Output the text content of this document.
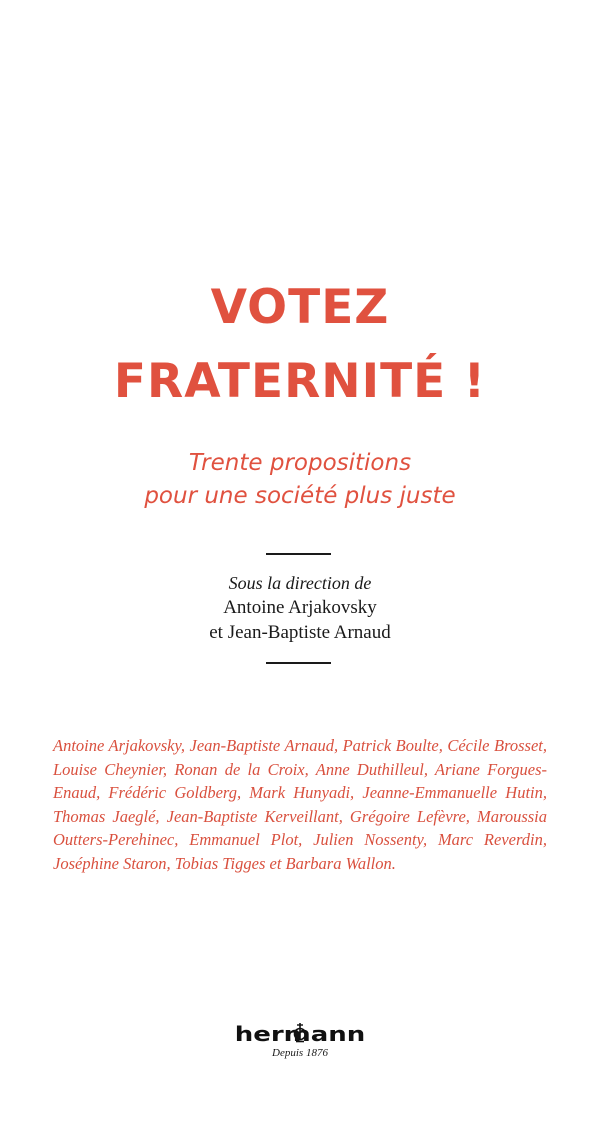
VOTEZ
FRATERNITÉ !
Trente propositions
pour une société plus juste
Sous la direction de
Antoine Arjakovsky
et Jean-Baptiste Arnaud

Antoine Arjakovsky, Jean-Baptiste Arnaud, Patrick Boulte, Cécile Brosset, Louise Cheynier, Ronan de la Croix, Anne Duthilleul, Ariane Forgues-Enaud, Frédéric Goldberg, Mark Hunyadi, Jeanne-Emmanuelle Hutin, Thomas Jaeglé, Jean-Baptiste Kerveillant, Grégoire Lefèvre, Maroussia Outters-Perehinec, Emmanuel Plot, Julien Nossenty, Marc Reverdin, Joséphine Staron, Tobias Tigges et Barbara Wallon.

hermann
Depuis 1876
